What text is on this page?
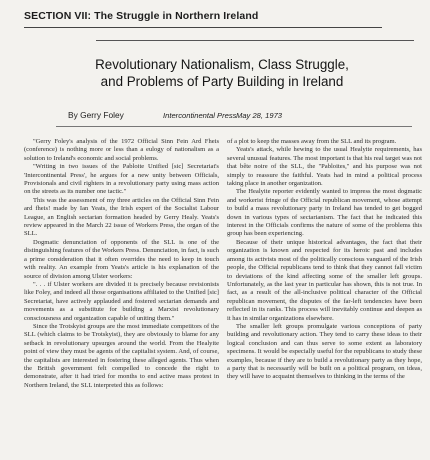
SECTION VII: The Struggle in Northern Ireland
Revolutionary Nationalism, Class Struggle,
and Problems of Party Building in Ireland
By Gerry Foley	Intercontinental Press May 28, 1973

"Gerry Foley's analysis of the 1972 Official Sinn Fein Ard Fheis (conference) is nothing more or less than a eulogy of nationalism as a solution to Ireland's economic and social problems.

"Writing in two issues of the Pabloite Unified [sic] Secretariat's 'Intercontinental Press', he argues for a new unity between Officials, Provisionals and civil righters in a revolutionary party using mass action on the streets as its number one tactic."

This was the assessment of my three articles on the Official Sinn Fein ard fheis! made by Ian Yeats, the Irish expert of the Socialist Labour League, an English sectarian formation headed by Gerry Healy. Yeats's review appeared in the March 22 issue of Workers Press, the organ of the SLL.

Dogmatic denunciation of opponents of the SLL is one of the distinguishing features of the Workers Press. Denunciation, in fact, is such a prime consideration that it often overrides the need to keep in touch with reality. An example from Yeats's article is his explanation of the source of division among Ulster workers:

". . . if Ulster workers are divided it is precisely because revisionists like Foley, and indeed all those organisations affiliated to the Unified [sic] Secretariat, have actively applauded and fostered sectarian demands and movements as a substitute for building a Marxist revolutionary consciousness and organization capable of uniting them."

Since the Trotskyist groups are the most immediate competitors of the SLL (which claims to be Trotskyist), they are obviously to blame for any setback in revolutionary upsurges around the world. From the Healyite point of view they must be agents of the capitalist system. And, of course, the capitalists are interested in fostering these alleged agents. Thus when the British government felt compelled to concede the right to demonstrate, after it had tried for months to end active mass protest in Northern Ireland, the SLL interpreted this as follows:

of a plot to keep the masses away from the SLL and its program.

Yeats's attack, while hewing to the usual Healyite requirements, has several unusual features. The most important is that his real target was not that bête noire of the SLL, the "Pabloites," and his purpose was not simply to reassure the faithful. Yeats had in mind a political process taking place in another organization.

The Healyite reporter evidently wanted to impress the most dogmatic and workerist fringe of the Official republican movement, whose attempt to build a mass revolutionary party in Ireland has tended to get bogged down in various types of sectarianism. The fact that he indicated this interest in the Officials confirms the nature of some of the problems this group has been experiencing.

Because of their unique historical advantages, the fact that their organization is known and respected for its heroic past and includes among its activists most of the politically conscious vanguard of the Irish people, the Official republicans tend to think that they cannot fall victim to deviations of the kind affecting some of the smaller left groups. Unfortunately, as the last year in particular has shown, this is not true. In fact, as a result of the all-inclusive political character of the Official republican movement, the disputes of the far-left tendencies have been reflected in its ranks. This process will inevitably continue and deepen as it has in similar organizations elsewhere.

The smaller left groups promulgate various conceptions of party building and revolutionary action. They tend to carry these ideas to their logical conclusion and can thus serve to some extent as laboratory specimens. It would be especially useful for the republicans to study these examples, because if they are to build a revolutionary party as they hope, a party that is necessarily will be built on a political program, on ideas, they will have to acquaint themselves to thinking in the terms of the
